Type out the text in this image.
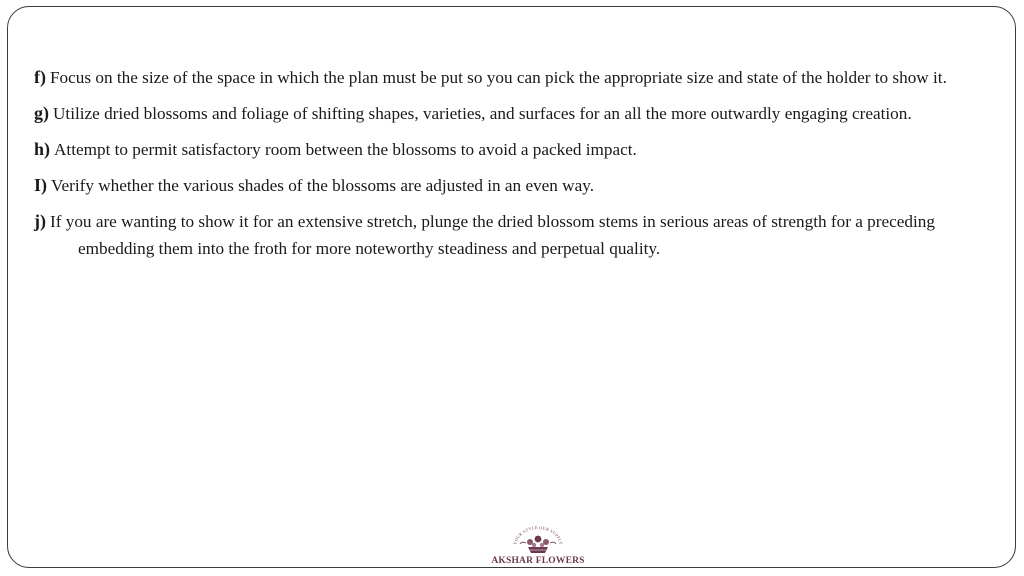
f) Focus on the size of the space in which the plan must be put so you can pick the appropriate size and state of the holder to show it.

g) Utilize dried blossoms and foliage of shifting shapes, varieties, and surfaces for an all the more outwardly engaging creation.

h) Attempt to permit satisfactory room between the blossoms to avoid a packed impact.

I) Verify whether the various shades of the blossoms are adjusted in an even way.

j) If you are wanting to show it for an extensive stretch, plunge the dried blossom stems in serious areas of strength for a preceding embedding them into the froth for more noteworthy steadiness and perpetual quality.

YOUR STYLE OUR SUPPLY
AKSHAR FLOWERS
